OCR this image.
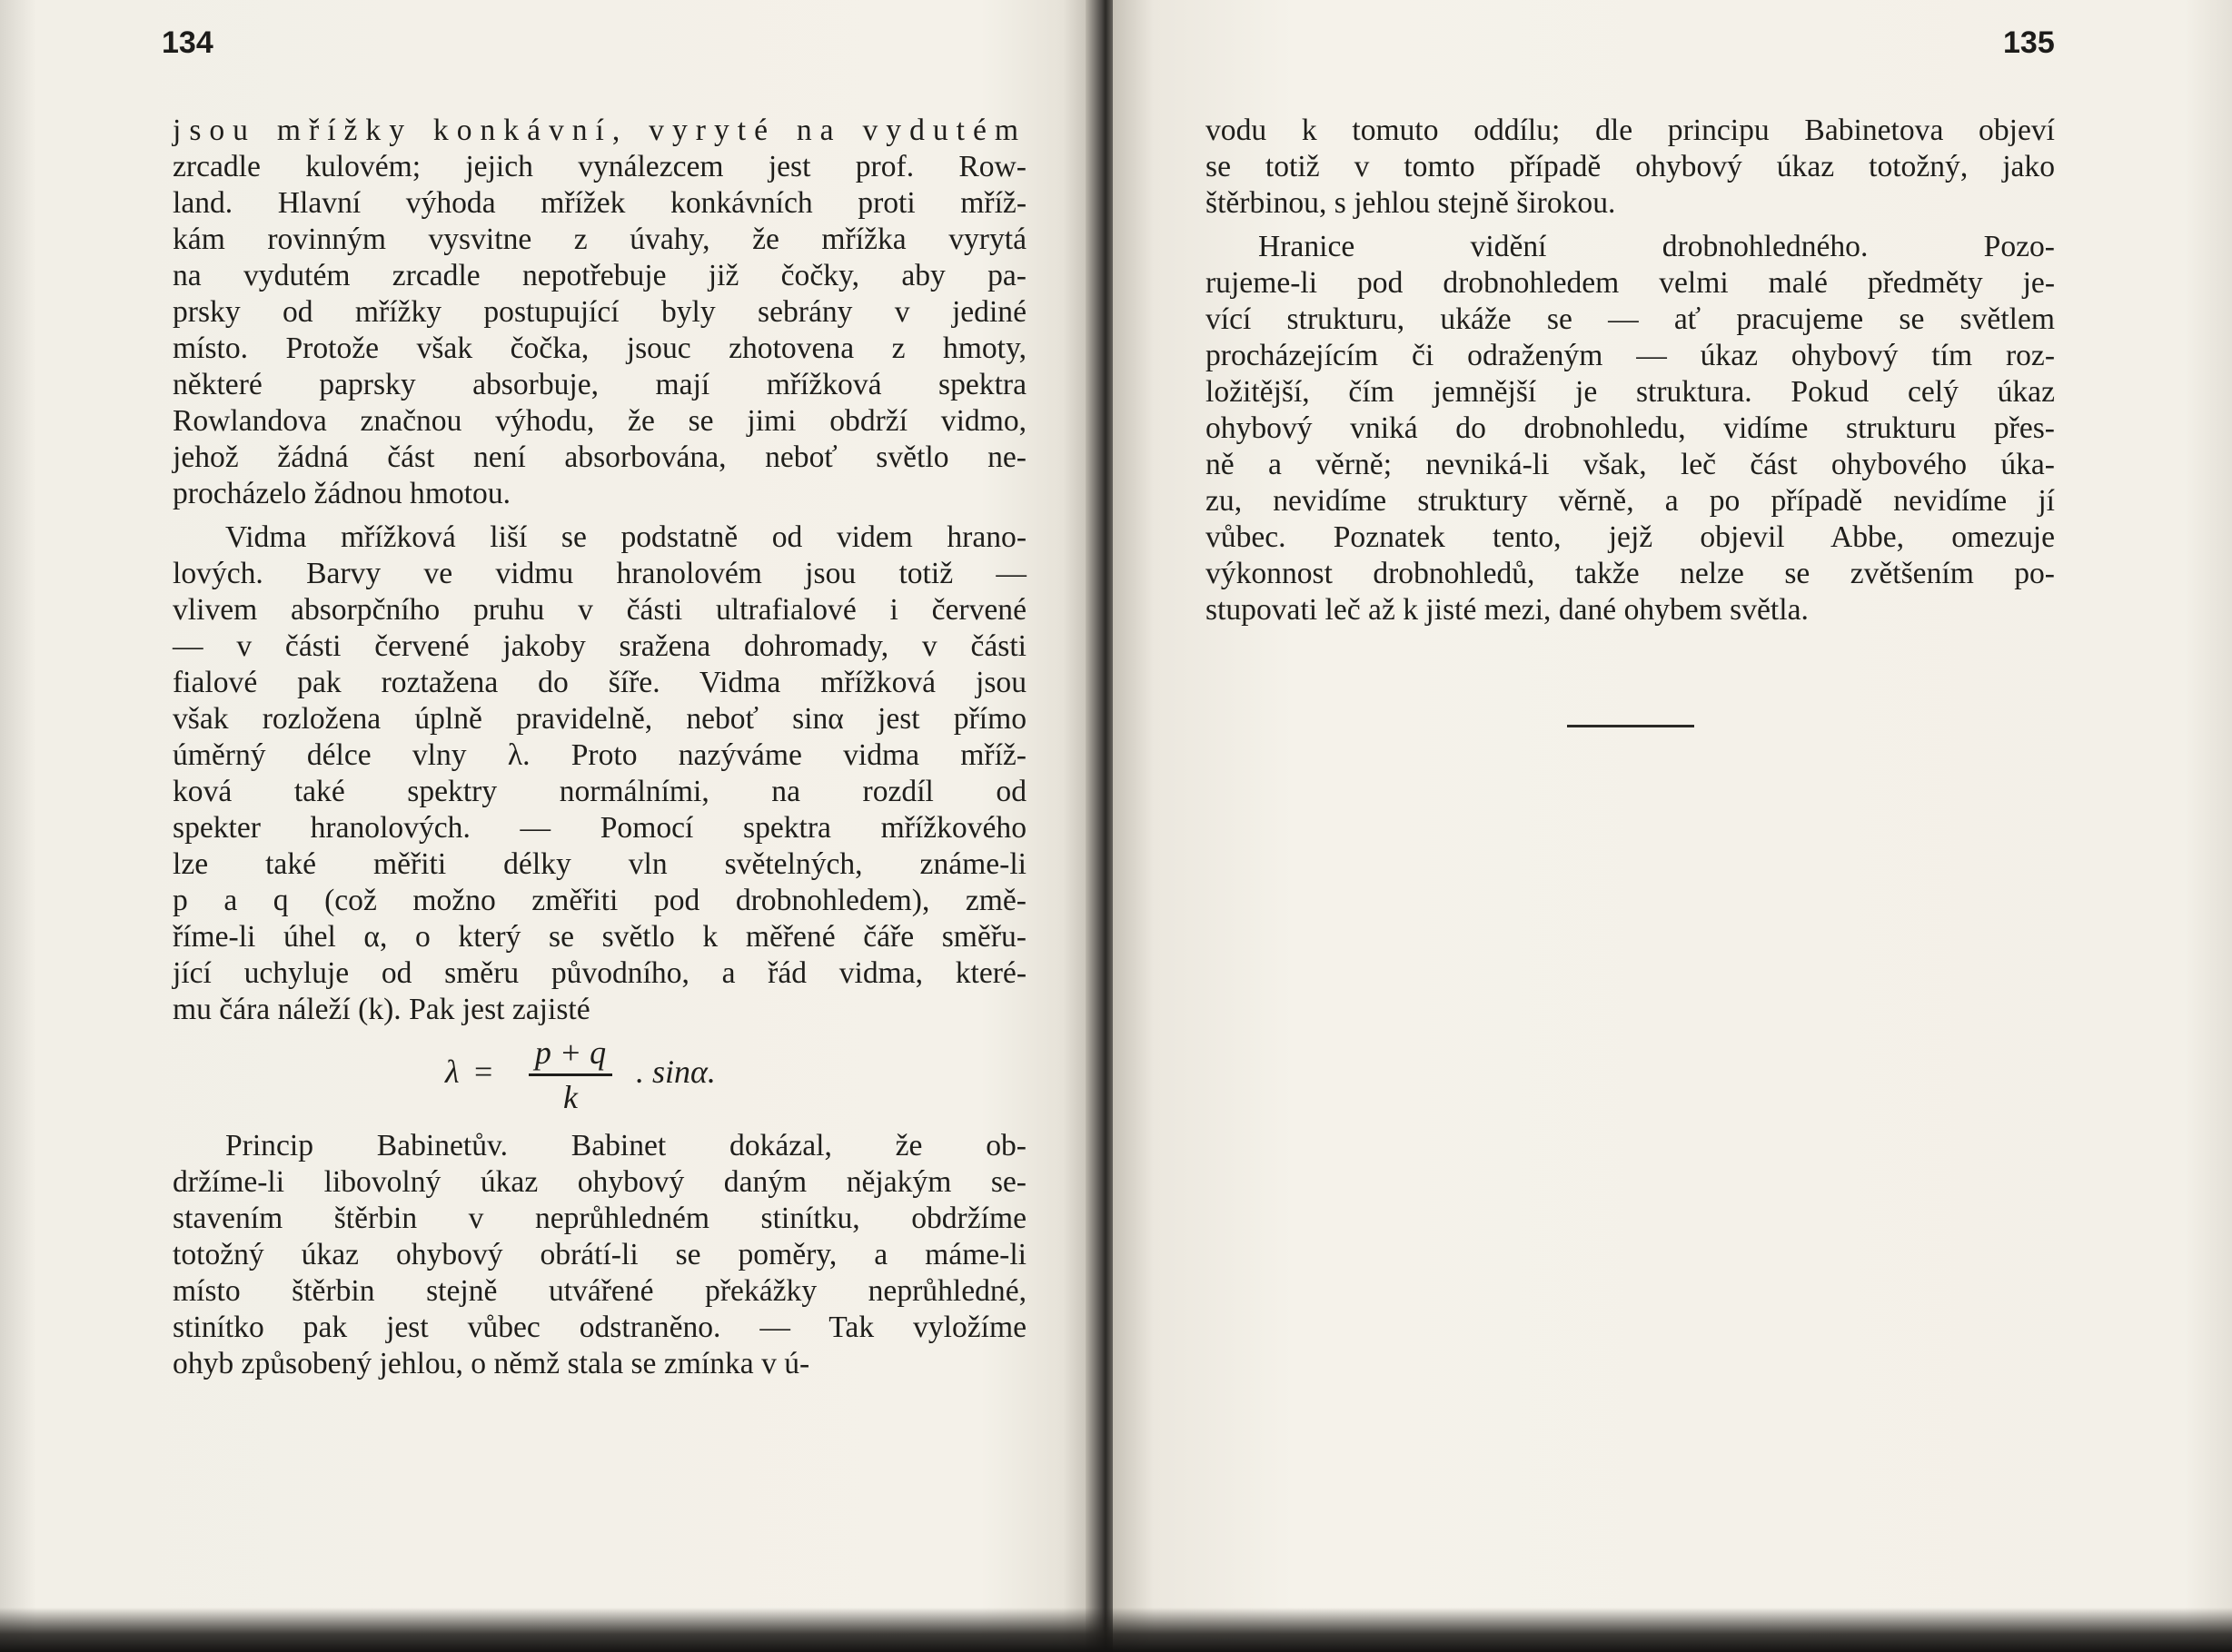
134

jsou mřížky konkávní, vyryté na vydutém

zrcadle kulovém; jejich vynálezcem jest prof. Row-

land. Hlavní výhoda mřížek konkávních proti mříž-

kám rovinným vysvitne z úvahy, že mřížka vyrytá

na vydutém zrcadle nepotřebuje již čočky, aby pa-

prsky od mřížky postupující byly sebrány v jediné

místo. Protože však čočka, jsouc zhotovena z hmoty,

některé paprsky absorbuje, mají mřížková spektra

Rowlandova značnou výhodu, že se jimi obdrží vidmo,

jehož žádná část není absorbována, neboť světlo ne-

procházelo žádnou hmotou.

Vidma mřížková liší se podstatně od videm hrano-

lových. Barvy ve vidmu hranolovém jsou totiž —

vlivem absorpčního pruhu v části ultrafialové i červené

— v části červené jakoby sražena dohromady, v části

fialové pak roztažena do šíře. Vidma mřížková jsou

však rozložena úplně pravidelně, neboť sinα jest přímo

úměrný délce vlny λ. Proto nazýváme vidma mříž-

ková také spektry normálními, na rozdíl od

spekter hranolových. — Pomocí spektra mřížkového

lze také měřiti délky vln světelných, známe-li

p a q (což možno změřiti pod drobnohledem), změ-

říme-li úhel α, o který se světlo k měřené čáře směřu-

jící uchyluje od směru původního, a řád vidma, které-

mu čára náleží (k). Pak jest zajisté

λ =
p + q
k
. sinα.

Princip Babinetův. Babinet dokázal, že ob-

držíme-li libovolný úkaz ohybový daným nějakým se-

stavením štěrbin v neprůhledném stinítku, obdržíme

totožný úkaz ohybový obrátí-li se poměry, a máme-li

místo štěrbin stejně utvářené překážky neprůhledné,

stinítko pak jest vůbec odstraněno. — Tak vyložíme

ohyb způsobený jehlou, o němž stala se zmínka v ú-

135

vodu k tomuto oddílu; dle principu Babinetova objeví

se totiž v tomto případě ohybový úkaz totožný, jako

štěrbinou, s jehlou stejně širokou.

Hranice vidění drobnohledného. Pozo-

rujeme-li pod drobnohledem velmi malé předměty je-

vící strukturu, ukáže se — ať pracujeme se světlem

procházejícím či odraženým — úkaz ohybový tím roz-

ložitější, čím jemnější je struktura. Pokud celý úkaz

ohybový vniká do drobnohledu, vidíme strukturu přes-

ně a věrně; nevniká-li však, leč část ohybového úka-

zu, nevidíme struktury věrně, a po případě nevidíme jí

vůbec. Poznatek tento, jejž objevil Abbe, omezuje

výkonnost drobnohledů, takže nelze se zvětšením po-

stupovati leč až k jisté mezi, dané ohybem světla.
